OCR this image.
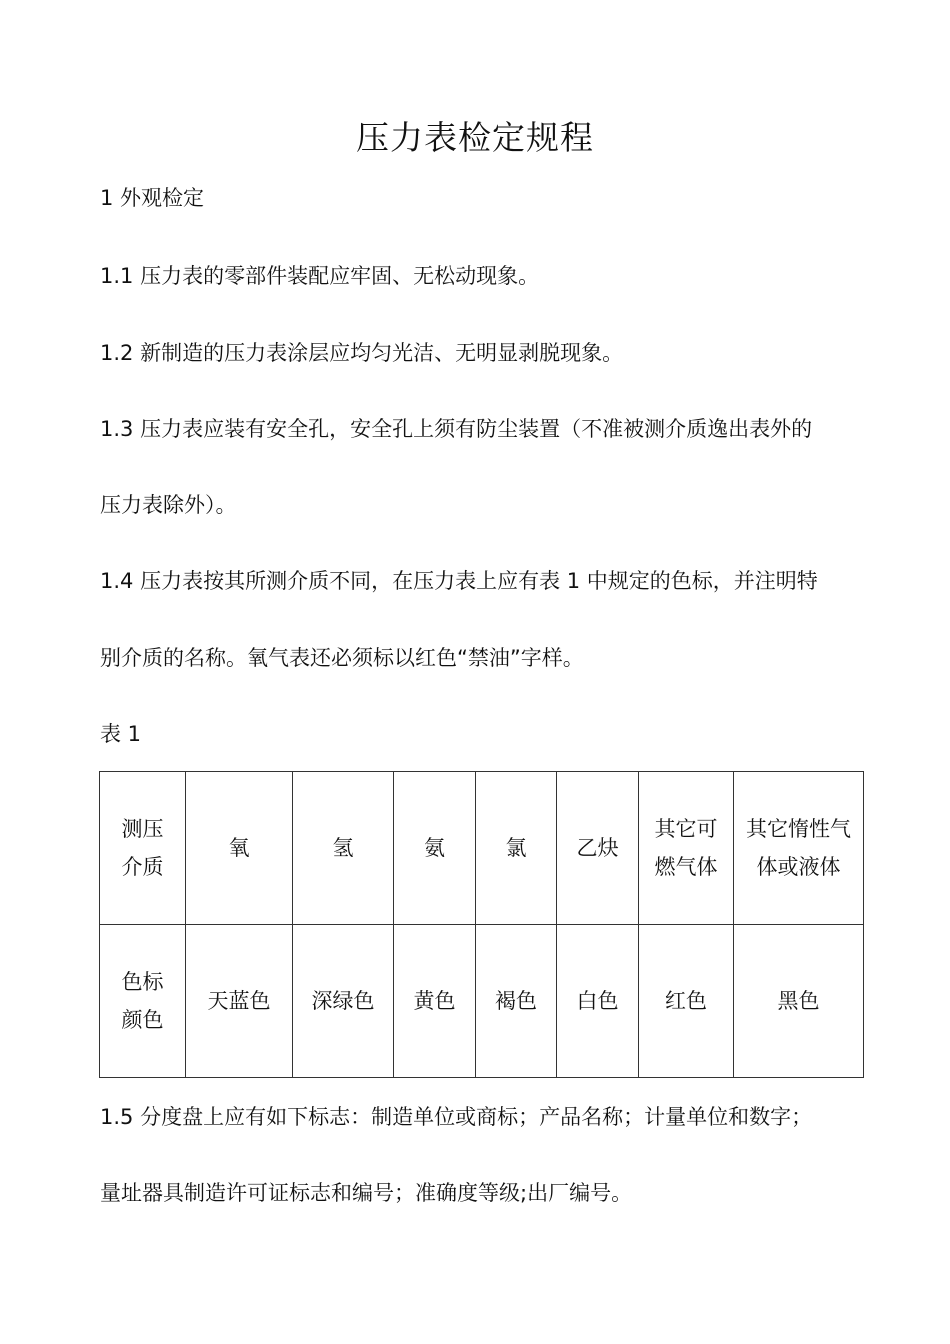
压力表检定规程
1 外观检定
1.1 压力表的零部件装配应牢固、无松动现象。
1.2 新制造的压力表涂层应均匀光洁、无明显剥脱现象。
1.3 压力表应装有安全孔，安全孔上须有防尘装置（不准被测介质逸出表外的
压力表除外）。
1.4 压力表按其所测介质不同，在压力表上应有表 1 中规定的色标，并注明特
别介质的名称。氧气表还必须标以红色“禁油”字样。
表 1
测压
介质	氧	氢	氨	氯	乙炔	其它可
燃气体	其它惰性气
体或液体

色标
颜色	天蓝色	深绿色	黄色	褐色	白色	红色	黑色
1.5 分度盘上应有如下标志：制造单位或商标；产品名称；计量单位和数字；
量址器具制造许可证标志和编号；准确度等级;出厂编号。
